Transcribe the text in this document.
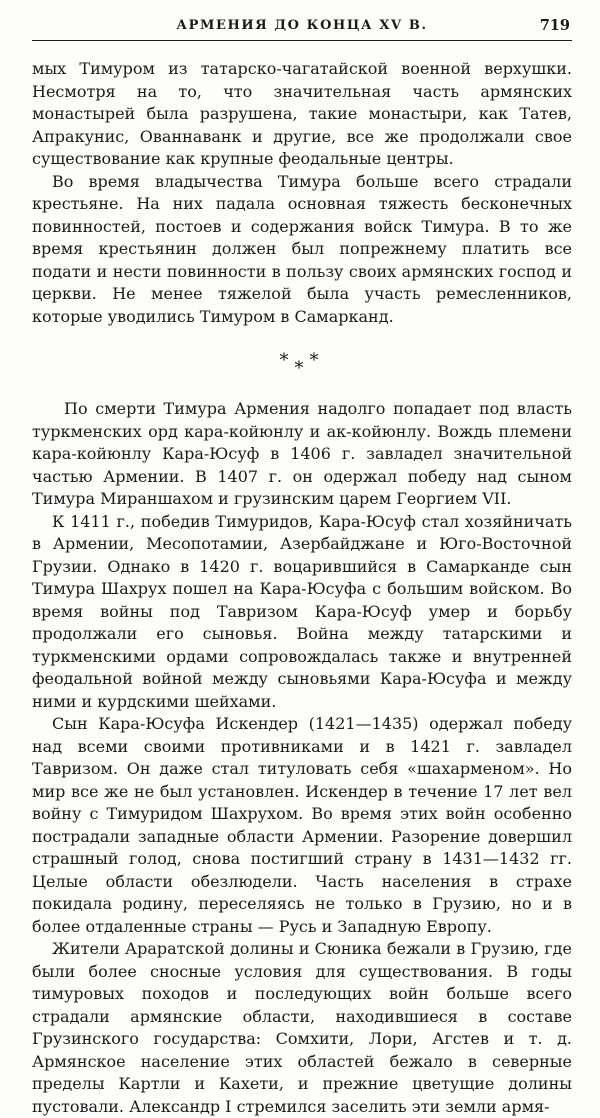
АРМЕНИЯ ДО КОНЦА XV В.	719

мых Тимуром из татарско-чагатайской военной верхушки. Несмотря на то, что значительная часть армянских монастырей была разрушена, такие монастыри, как Татев, Апракунис, Ованнаванк и другие, все же продолжали свое существование как крупные феодальные центры.

Во время владычества Тимура больше всего страдали крестьяне. На них падала основная тяжесть бесконечных повинностей, постоев и содержания войск Тимура. В то же время крестьянин должен был попрежнему платить все подати и нести повинности в пользу своих армянских господ и церкви. Не менее тяжелой была участь ремесленников, которые уводились Тимуром в Самарканд.

***

По смерти Тимура Армения надолго попадает под власть туркменских орд кара-койюнлу и ак-койюнлу. Вождь племени кара-койюнлу Кара-Юсуф в 1406 г. завладел значительной частью Армении. В 1407 г. он одержал победу над сыном Тимура Мираншахом и грузинским царем Георгием VII.

К 1411 г., победив Тимуридов, Кара-Юсуф стал хозяйничать в Армении, Месопотамии, Азербайджане и Юго-Восточной Грузии. Однако в 1420 г. воцарившийся в Самарканде сын Тимура Шахрух пошел на Кара-Юсуфа с большим войском. Во время войны под Тавризом Кара-Юсуф умер и борьбу продолжали его сыновья. Война между татарскими и туркменскими ордами сопровождалась также и внутренней феодальной войной между сыновьями Кара-Юсуфа и между ними и курдскими шейхами.

Сын Кара-Юсуфа Искендер (1421—1435) одержал победу над всеми своими противниками и в 1421 г. завладел Тавризом. Он даже стал титуловать себя «шахарменом». Но мир все же не был установлен. Искендер в течение 17 лет вел войну с Тимуридом Шахрухом. Во время этих войн особенно пострадали западные области Армении. Разорение довершил страшный голод, снова постигший страну в 1431—1432 гг. Целые области обезлюдели. Часть населения в страхе покидала родину, переселяясь не только в Грузию, но и в более отдаленные страны — Русь и Западную Европу.

Жители Араратской долины и Сюника бежали в Грузию, где были более сносные условия для существования. В годы тимуровых походов и последующих войн больше всего страдали армянские области, находившиеся в составе Грузинского государства: Сомхити, Лори, Агстев и т. д. Армянское население этих областей бежало в северные пределы Картли и Кахети, и прежние цветущие долины пустовали. Александр I стремился заселить эти земли армя-
